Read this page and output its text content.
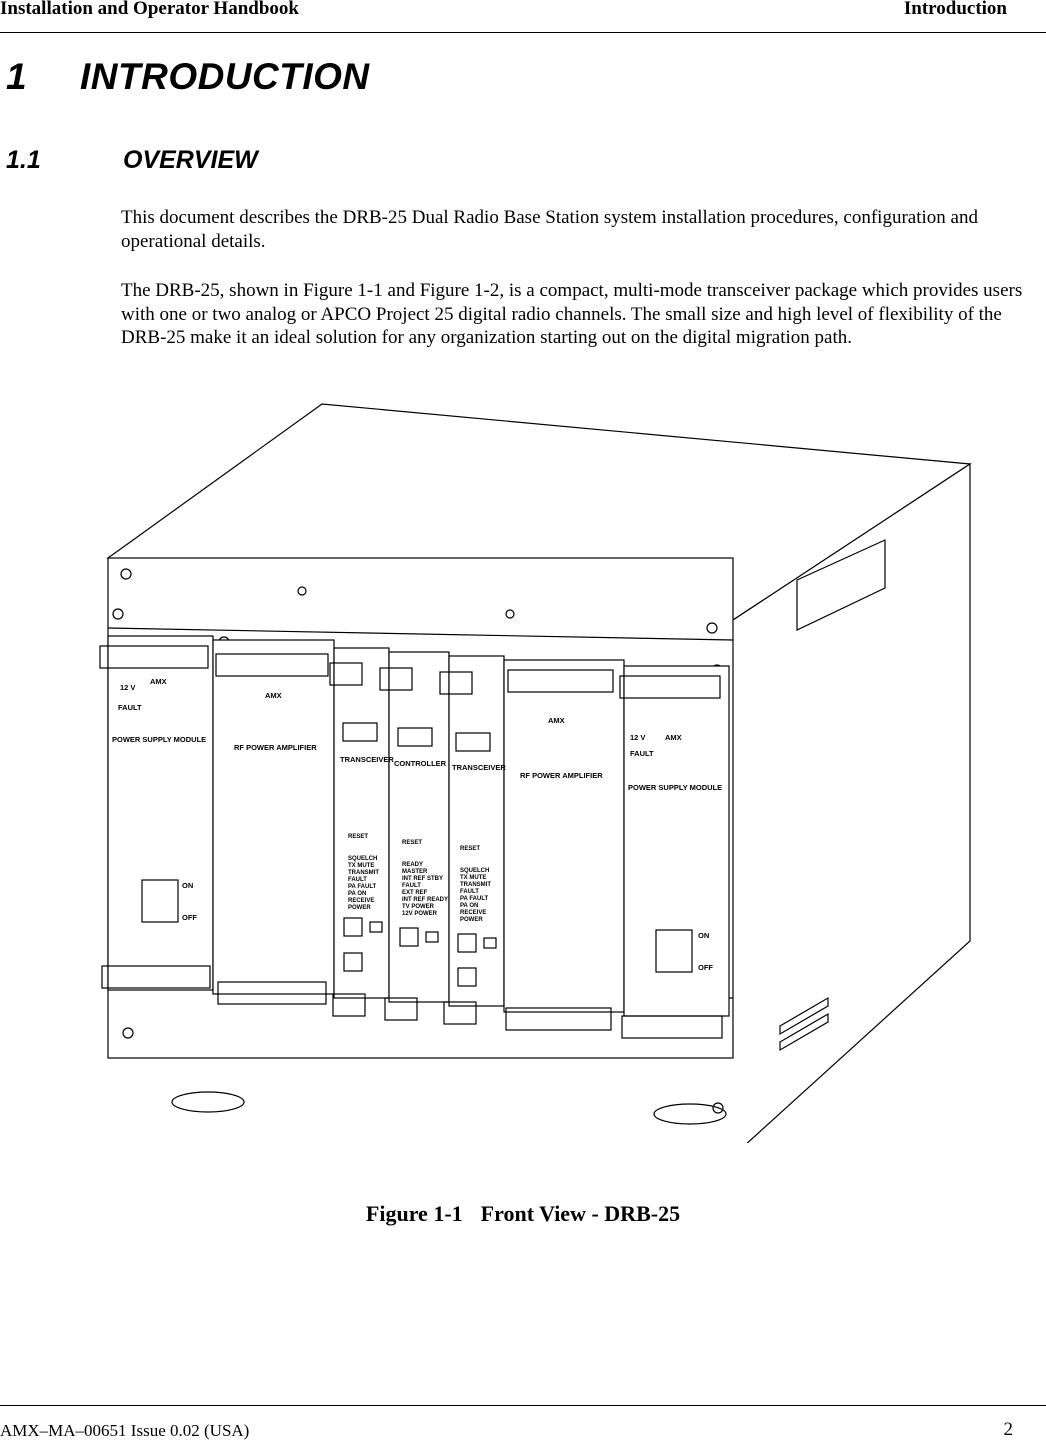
Installation and Operator Handbook	Introduction
1 INTRODUCTION
1.1	OVERVIEW

This document describes the DRB-25 Dual Radio Base Station system installation procedures, configuration and operational details.

The DRB-25, shown in Figure 1-1 and Figure 1-2, is a compact, multi-mode transceiver package which provides users with one or two analog or APCO Project 25 digital radio channels. The small size and high level of flexibility of the DRB-25 make it an ideal solution for any organization starting out on the digital migration path.

POWER SUPPLY MODULE
RF POWER AMPLIFIER
TRANSCEIVER CONTROLLER TRANSCEIVER
RF POWER AMPLIFIER
POWER SUPPLY MODULE
12 V
FAULT
12 V
FAULT
ON
OFF
ON
OFF
AMX
AMX
AMX
AMX
RESET
RESET
RESET
SQUELCH
TX MUTE
TRANSMIT
FAULT
PA FAULT
PA ON
RECEIVE
POWER
READY
MASTER
INT REF STBY
FAULT
EXT REF
INT REF READY
TV POWER
12V POWER
SQUELCH
TX MUTE
TRANSMIT
FAULT
PA FAULT
PA ON
RECEIVE
POWER
Figure 1-1 Front View - DRB-25
AMX–MA–00651 Issue 0.02 (USA)	2
